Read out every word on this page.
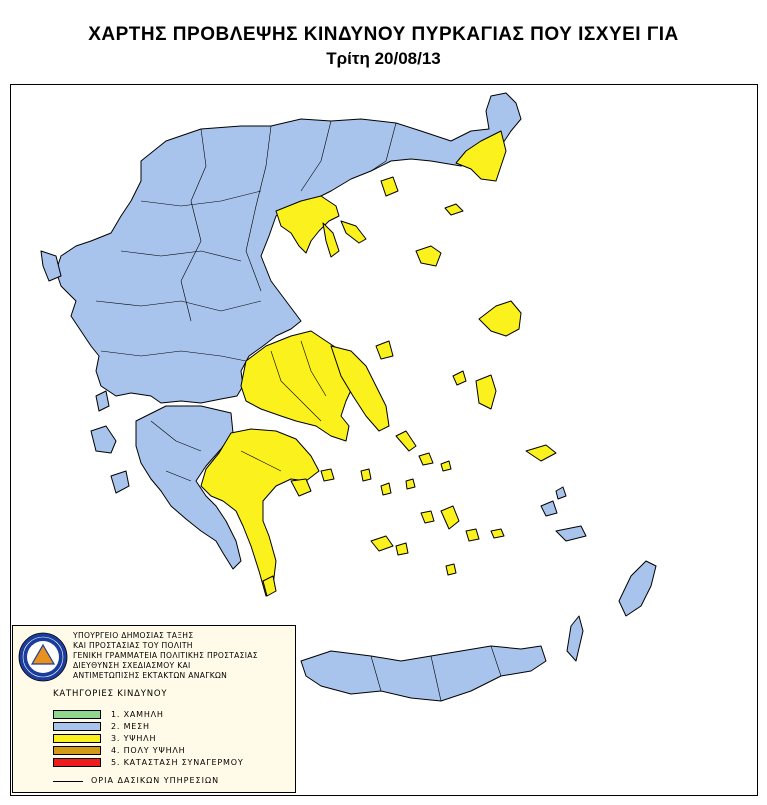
ΧΑΡΤΗΣ ΠΡΟΒΛΕΨΗΣ ΚΙΝΔΥΝΟΥ ΠΥΡΚΑΓΙΑΣ ΠΟΥ ΙΣΧΥΕΙ ΓΙΑ
Τρίτη 20/08/13
ΥΠΟΥΡΓΕΙΟ ΔΗΜΟΣΙΑΣ ΤΑΞΗΣ
ΚΑΙ ΠΡΟΣΤΑΣΙΑΣ ΤΟΥ ΠΟΛΙΤΗ
ΓΕΝΙΚΗ ΓΡΑΜΜΑΤΕΙΑ ΠΟΛΙΤΙΚΗΣ ΠΡΟΣΤΑΣΙΑΣ
ΔΙΕΥΘΥΝΣΗ ΣΧΕΔΙΑΣΜΟΥ ΚΑΙ
ΑΝΤΙΜΕΤΩΠΙΣΗΣ ΕΚΤΑΚΤΩΝ ΑΝΑΓΚΩΝ
ΚΑΤΗΓΟΡΙΕΣ ΚΙΝΔΥΝΟΥ
1. ΧΑΜΗΛΗ
2. ΜΕΣΗ
3. ΥΨΗΛΗ
4. ΠΟΛΥ ΥΨΗΛΗ
5. ΚΑΤΑΣΤΑΣΗ ΣΥΝΑΓΕΡΜΟΥ
ΟΡΙΑ ΔΑΣΙΚΩΝ ΥΠΗΡΕΣΙΩΝ
